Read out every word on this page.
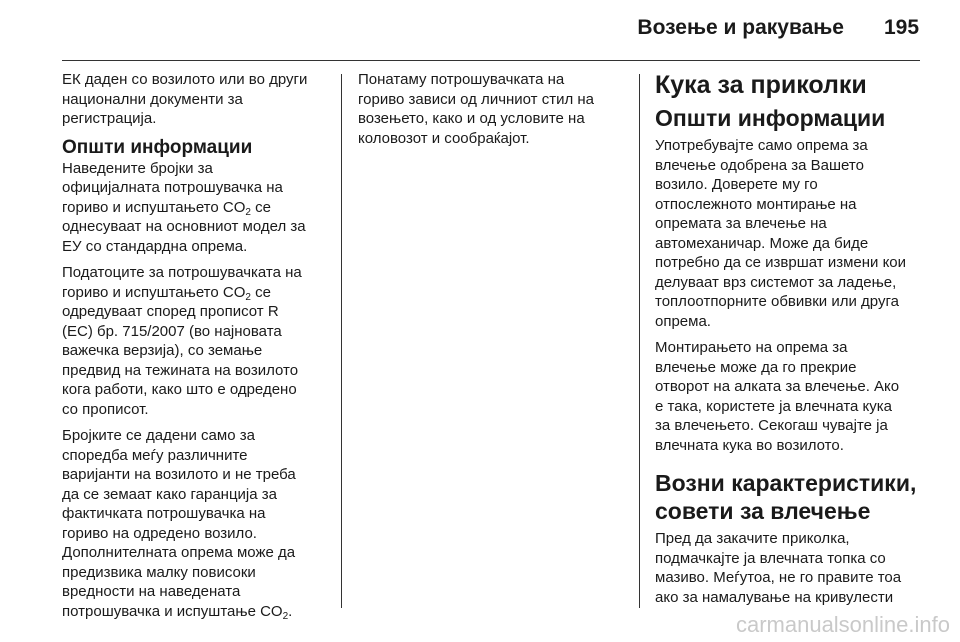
Возење и ракување 195

ЕК даден со возилото или во други
национални документи за
регистрација.

Општи информации

Наведените бројки за
официјалната потрошувачка на
гориво и испуштањето $CO_2$ се
однесуваат на основниот модел за
ЕУ со стандардна опрема.

Податоците за потрошувачката на
гориво и испуштањето $CO_2$ се
одредуваат според прописот R
(EC) бр. 715/2007 (во најновата
важечка верзија), со земање
предвид на тежината на возилото
кога работи, како што е одредено
со прописот.

Бројките се дадени само за
споредба меѓу различните
варијанти на возилото и не треба
да се земаат како гаранција за
фактичката потрошувачка на
гориво на одредено возило.
Дополнителната опрема може да
предизвика малку повисоки
вредности на наведената
потрошувачка и испуштање $CO_2$.

Понатаму потрошувачката на
гориво зависи од личниот стил на
возењето, како и од условите на
коловозот и сообраќајот.

Кука за приколки
Општи информации

Употребувајте само опрема за
влечење одобрена за Вашето
возило. Доверете му го
отпослежното монтирање на
опремата за влечење на
автомеханичар. Може да биде
потребно да се извршат измени кои
делуваат врз системот за ладење,
топлоотпорните обвивки или друга
опрема.

Монтирањето на опрема за
влечење може да го прекрие
отворот на алката за влечење. Ако
е така, користете ја влечната кука
за влечењето. Секогаш чувајте ја
влечната кука во возилото.

Возни карактеристики,
совети за влечење

Пред да закачите приколка,
подмачкајте ја влечната топка со
мазиво. Меѓутоа, не го правите тоа
ако за намалување на кривулести

carmanualsonline.info
